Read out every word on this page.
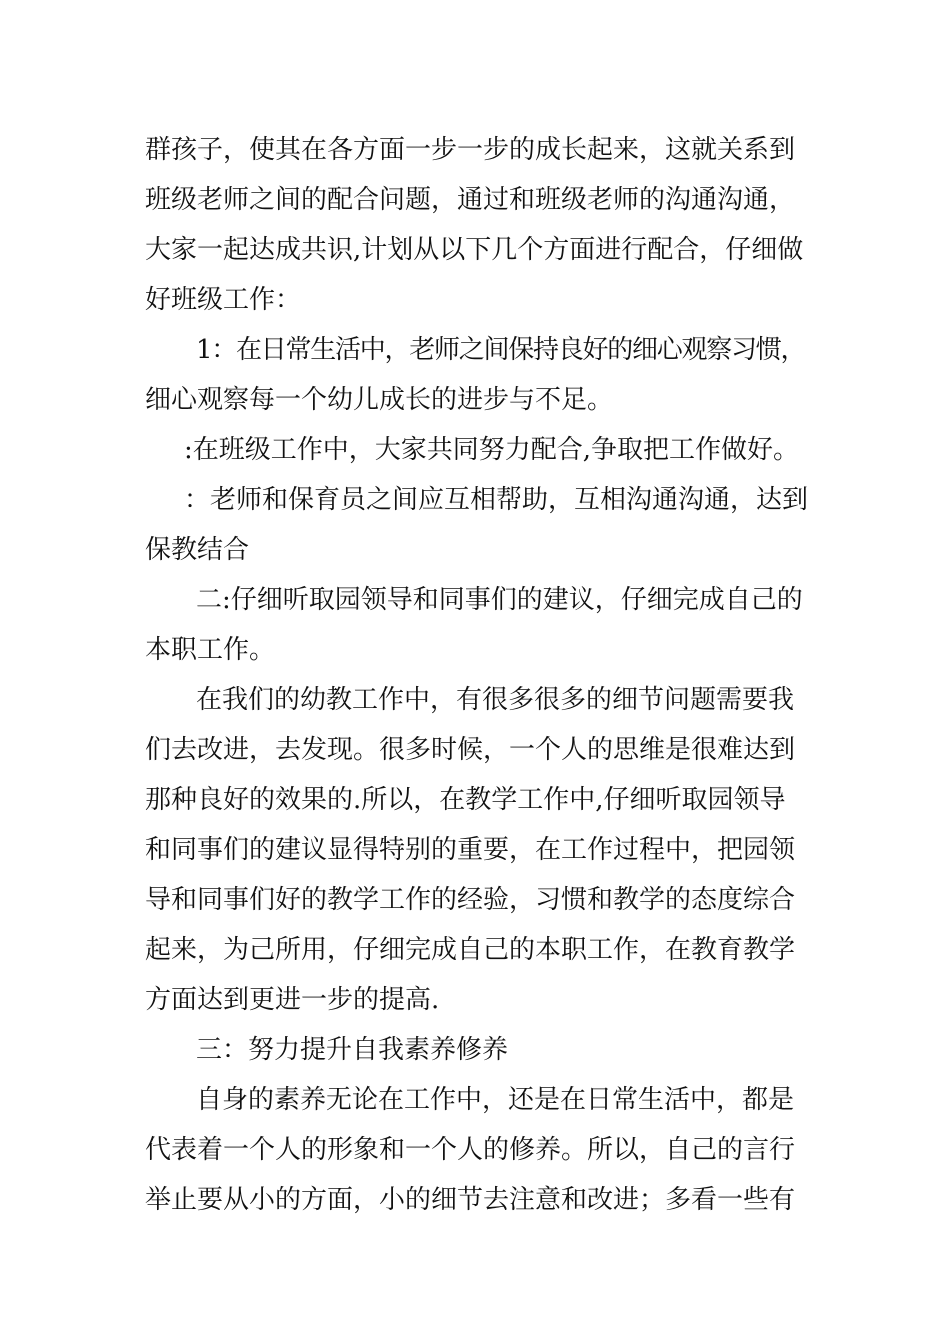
群孩子，使其在各方面一步一步的成长起来，这就关系到

班级老师之间的配合问题，通过和班级老师的沟通沟通，

大家一起达成共识,计划从以下几个方面进行配合，仔细做

好班级工作：

1：在日常生活中，老师之间保持良好的细心观察习惯，

细心观察每一个幼儿成长的进步与不足。

:在班级工作中，大家共同努力配合,争取把工作做好。

：老师和保育员之间应互相帮助，互相沟通沟通，达到

保教结合

二:仔细听取园领导和同事们的建议，仔细完成自己的

本职工作。

在我们的幼教工作中，有很多很多的细节问题需要我

们去改进，去发现。很多时候，一个人的思维是很难达到

那种良好的效果的.所以，在教学工作中,仔细听取园领导

和同事们的建议显得特别的重要，在工作过程中，把园领

导和同事们好的教学工作的经验，习惯和教学的态度综合

起来，为己所用，仔细完成自己的本职工作，在教育教学

方面达到更进一步的提高.

三：努力提升自我素养修养

自身的素养无论在工作中，还是在日常生活中，都是

代表着一个人的形象和一个人的修养。所以，自己的言行

举止要从小的方面，小的细节去注意和改进；多看一些有
